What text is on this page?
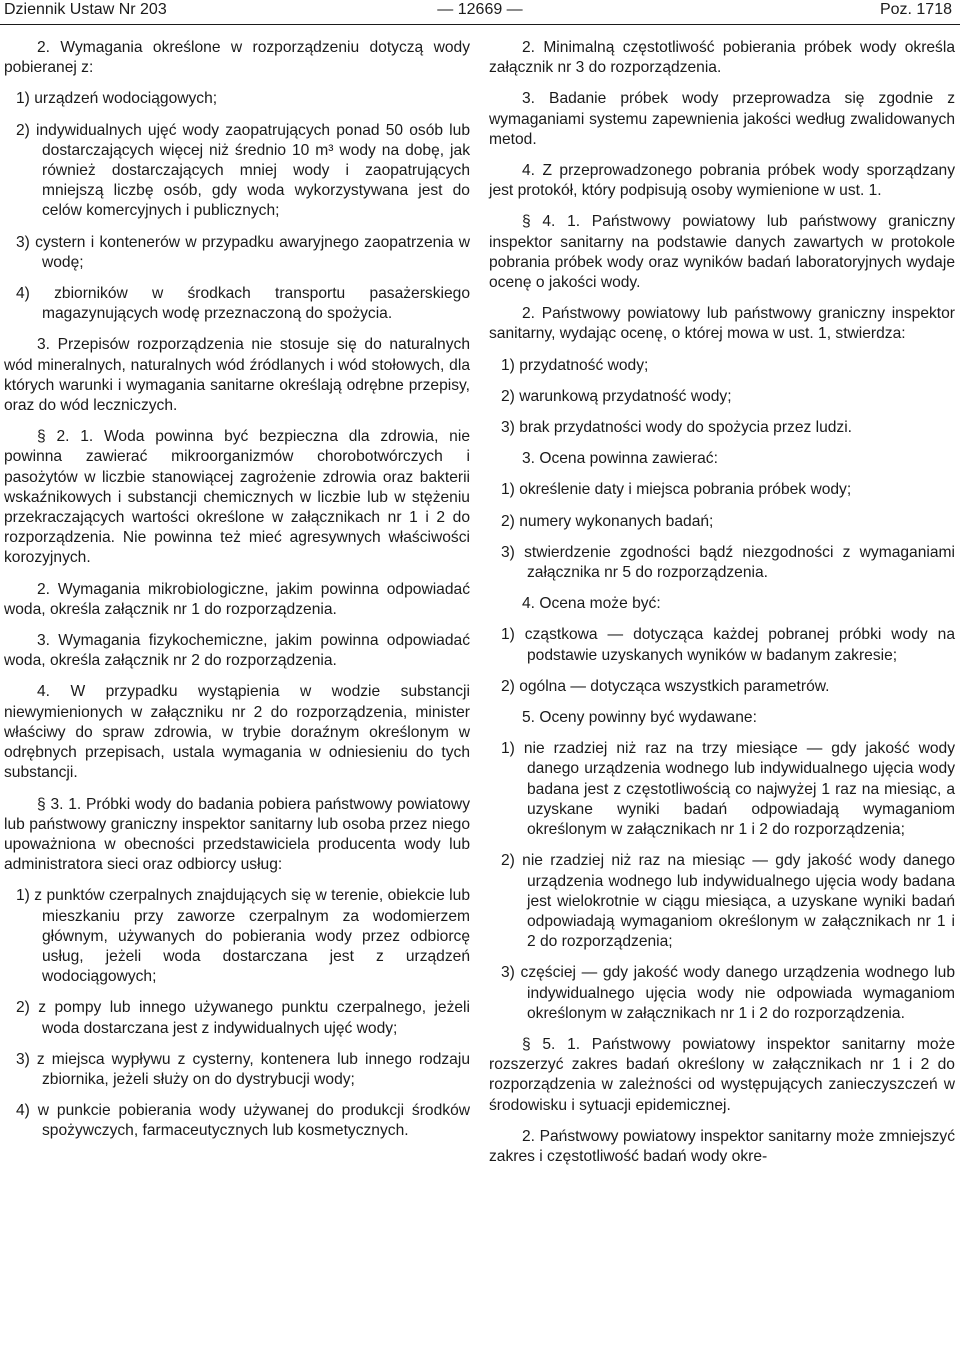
Dziennik Ustaw Nr 203	— 12669 —	Poz. 1718

2. Wymagania określone w rozporządzeniu dotyczą wody pobieranej z:

1) urządzeń wodociągowych;

2) indywidualnych ujęć wody zaopatrujących ponad 50 osób lub dostarczających więcej niż średnio 10 m³ wody na dobę, jak również dostarczających mniej wody i zaopatrujących mniejszą liczbę osób, gdy woda wykorzystywana jest do celów komercyjnych i publicznych;

3) cystern i kontenerów w przypadku awaryjnego zaopatrzenia w wodę;

4) zbiorników w środkach transportu pasażerskiego magazynujących wodę przeznaczoną do spożycia.

3. Przepisów rozporządzenia nie stosuje się do naturalnych wód mineralnych, naturalnych wód źródlanych i wód stołowych, dla których warunki i wymagania sanitarne określają odrębne przepisy, oraz do wód leczniczych.

§ 2. 1. Woda powinna być bezpieczna dla zdrowia, nie powinna zawierać mikroorganizmów chorobotwórczych i pasożytów w liczbie stanowiącej zagrożenie zdrowia oraz bakterii wskaźnikowych i substancji chemicznych w liczbie lub w stężeniu przekraczających wartości określone w załącznikach nr 1 i 2 do rozporządzenia. Nie powinna też mieć agresywnych właściwości korozyjnych.

2. Wymagania mikrobiologiczne, jakim powinna odpowiadać woda, określa załącznik nr 1 do rozporządzenia.

3. Wymagania fizykochemiczne, jakim powinna odpowiadać woda, określa załącznik nr 2 do rozporządzenia.

4. W przypadku wystąpienia w wodzie substancji niewymienionych w załączniku nr 2 do rozporządzenia, minister właściwy do spraw zdrowia, w trybie doraźnym określonym w odrębnych przepisach, ustala wymagania w odniesieniu do tych substancji.

§ 3. 1. Próbki wody do badania pobiera państwowy powiatowy lub państwowy graniczny inspektor sanitarny lub osoba przez niego upoważniona w obecności przedstawiciela producenta wody lub administratora sieci oraz odbiorcy usług:

1) z punktów czerpalnych znajdujących się w terenie, obiekcie lub mieszkaniu przy zaworze czerpalnym za wodomierzem głównym, używanych do pobierania wody przez odbiorcę usług, jeżeli woda dostarczana jest z urządzeń wodociągowych;

2) z pompy lub innego używanego punktu czerpalnego, jeżeli woda dostarczana jest z indywidualnych ujęć wody;

3) z miejsca wypływu z cysterny, kontenera lub innego rodzaju zbiornika, jeżeli służy on do dystrybucji wody;

4) w punkcie pobierania wody używanej do produkcji środków spożywczych, farmaceutycznych lub kosmetycznych.

2. Minimalną częstotliwość pobierania próbek wody określa załącznik nr 3 do rozporządzenia.

3. Badanie próbek wody przeprowadza się zgodnie z wymaganiami systemu zapewnienia jakości według zwalidowanych metod.

4. Z przeprowadzonego pobrania próbek wody sporządzany jest protokół, który podpisują osoby wymienione w ust. 1.

§ 4. 1. Państwowy powiatowy lub państwowy graniczny inspektor sanitarny na podstawie danych zawartych w protokole pobrania próbek wody oraz wyników badań laboratoryjnych wydaje ocenę o jakości wody.

2. Państwowy powiatowy lub państwowy graniczny inspektor sanitarny, wydając ocenę, o której mowa w ust. 1, stwierdza:

1) przydatność wody;

2) warunkową przydatność wody;

3) brak przydatności wody do spożycia przez ludzi.

3. Ocena powinna zawierać:

1) określenie daty i miejsca pobrania próbek wody;

2) numery wykonanych badań;

3) stwierdzenie zgodności bądź niezgodności z wymaganiami załącznika nr 5 do rozporządzenia.

4. Ocena może być:

1) cząstkowa — dotycząca każdej pobranej próbki wody na podstawie uzyskanych wyników w badanym zakresie;

2) ogólna — dotycząca wszystkich parametrów.

5. Oceny powinny być wydawane:

1) nie rzadziej niż raz na trzy miesiące — gdy jakość wody danego urządzenia wodnego lub indywidualnego ujęcia wody badana jest z częstotliwością co najwyżej 1 raz na miesiąc, a uzyskane wyniki badań odpowiadają wymaganiom określonym w załącznikach nr 1 i 2 do rozporządzenia;

2) nie rzadziej niż raz na miesiąc — gdy jakość wody danego urządzenia wodnego lub indywidualnego ujęcia wody badana jest wielokrotnie w ciągu miesiąca, a uzyskane wyniki badań odpowiadają wymaganiom określonym w załącznikach nr 1 i 2 do rozporządzenia;

3) częściej — gdy jakość wody danego urządzenia wodnego lub indywidualnego ujęcia wody nie odpowiada wymaganiom określonym w załącznikach nr 1 i 2 do rozporządzenia.

§ 5. 1. Państwowy powiatowy inspektor sanitarny może rozszerzyć zakres badań określony w załącznikach nr 1 i 2 do rozporządzenia w zależności od występujących zanieczyszczeń w środowisku i sytuacji epidemicznej.

2. Państwowy powiatowy inspektor sanitarny może zmniejszyć zakres i częstotliwość badań wody okre-
